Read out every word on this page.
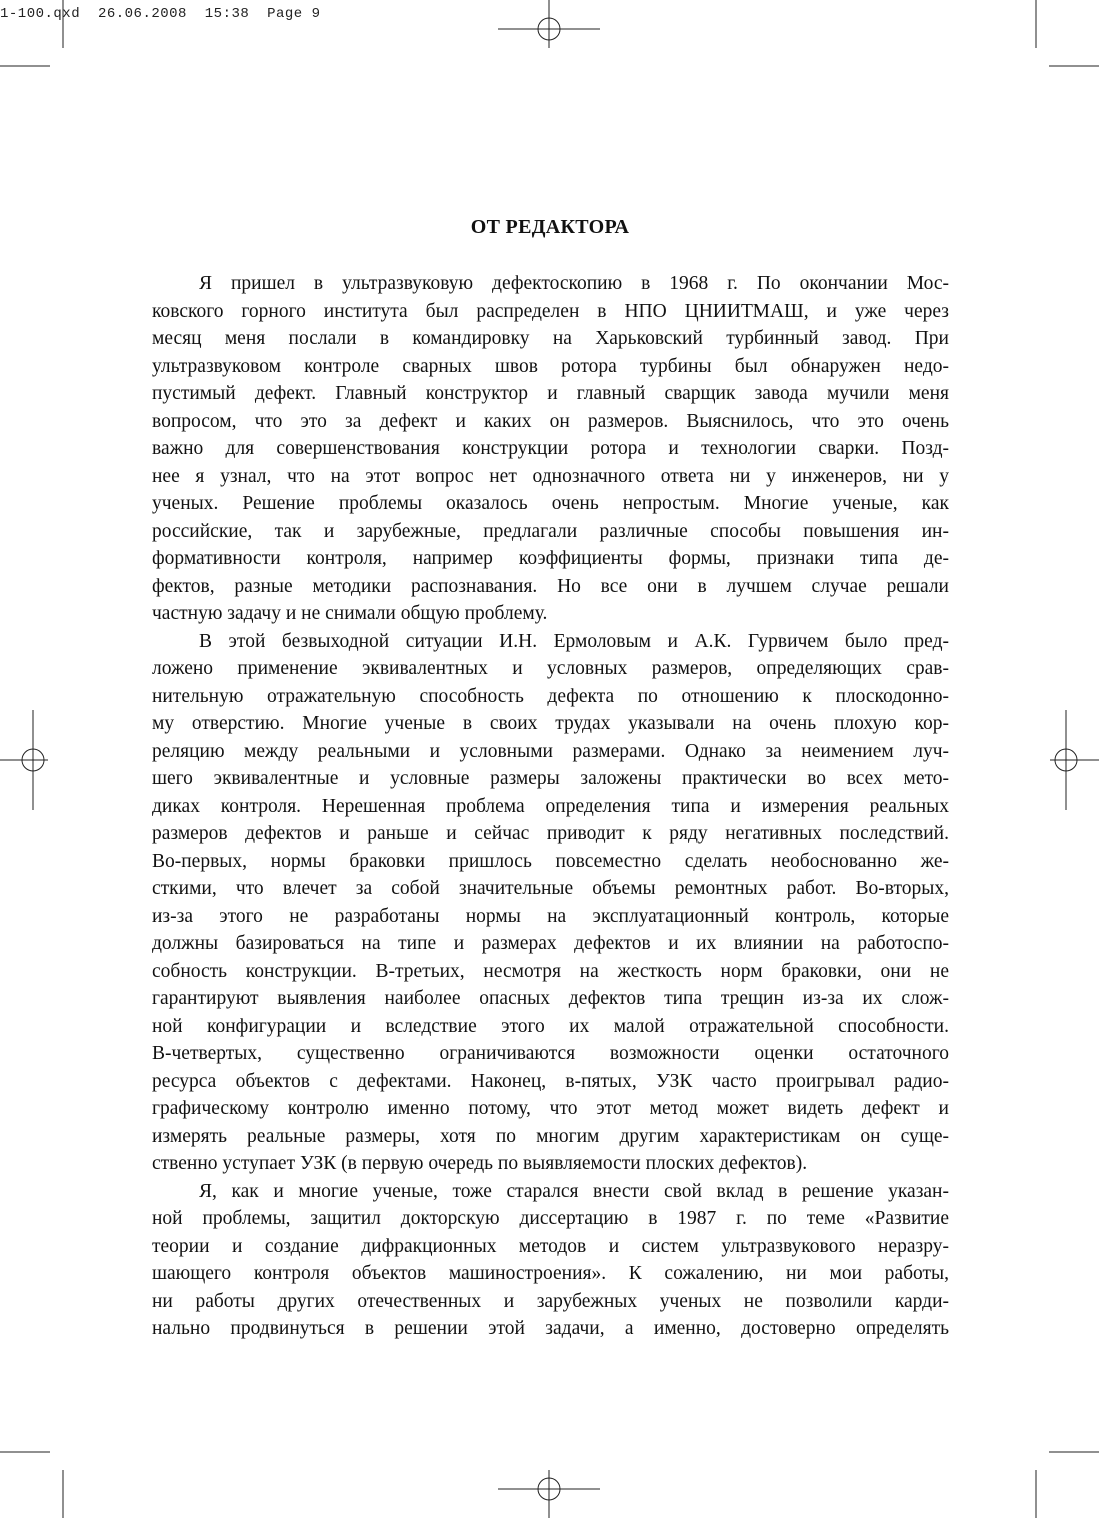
1-100.qxd 26.06.2008 15:38 Page 9
ОТ РЕДАКТОРА
Я пришел в ультразвуковую дефектоскопию в 1968 г. По окончании Мос-
ковского горного института был распределен в НПО ЦНИИТМАШ, и уже через
месяц меня послали в командировку на Харьковский турбинный завод. При
ультразвуковом контроле сварных швов ротора турбины был обнаружен недо-
пустимый дефект. Главный конструктор и главный сварщик завода мучили меня
вопросом, что это за дефект и каких он размеров. Выяснилось, что это очень
важно для совершенствования конструкции ротора и технологии сварки. Позд-
нее я узнал, что на этот вопрос нет однозначного ответа ни у инженеров, ни у
ученых. Решение проблемы оказалось очень непростым. Многие ученые, как
российские, так и зарубежные, предлагали различные способы повышения ин-
формативности контроля, например коэффициенты формы, признаки типа де-
фектов, разные методики распознавания. Но все они в лучшем случае решали
частную задачу и не снимали общую проблему.
В этой безвыходной ситуации И.Н. Ермоловым и А.К. Гурвичем было пред-
ложено применение эквивалентных и условных размеров, определяющих срав-
нительную отражательную способность дефекта по отношению к плоскодонно-
му отверстию. Многие ученые в своих трудах указывали на очень плохую кор-
реляцию между реальными и условными размерами. Однако за неимением луч-
шего эквивалентные и условные размеры заложены практически во всех мето-
диках контроля. Нерешенная проблема определения типа и измерения реальных
размеров дефектов и раньше и сейчас приводит к ряду негативных последствий.
Во-первых, нормы браковки пришлось повсеместно сделать необоснованно же-
сткими, что влечет за собой значительные объемы ремонтных работ. Во-вторых,
из-за этого не разработаны нормы на эксплуатационный контроль, которые
должны базироваться на типе и размерах дефектов и их влиянии на работоспо-
собность конструкции. В-третьих, несмотря на жесткость норм браковки, они не
гарантируют выявления наиболее опасных дефектов типа трещин из-за их слож-
ной конфигурации и вследствие этого их малой отражательной способности.
В-четвертых, существенно ограничиваются возможности оценки остаточного
ресурса объектов с дефектами. Наконец, в-пятых, УЗК часто проигрывал радио-
графическому контролю именно потому, что этот метод может видеть дефект и
измерять реальные размеры, хотя по многим другим характеристикам он суще-
ственно уступает УЗК (в первую очередь по выявляемости плоских дефектов).
Я, как и многие ученые, тоже старался внести свой вклад в решение указан-
ной проблемы, защитил докторскую диссертацию в 1987 г. по теме «Развитие
теории и создание дифракционных методов и систем ультразвукового неразру-
шающего контроля объектов машиностроения». К сожалению, ни мои работы,
ни работы других отечественных и зарубежных ученых не позволили карди-
нально продвинуться в решении этой задачи, а именно, достоверно определять
